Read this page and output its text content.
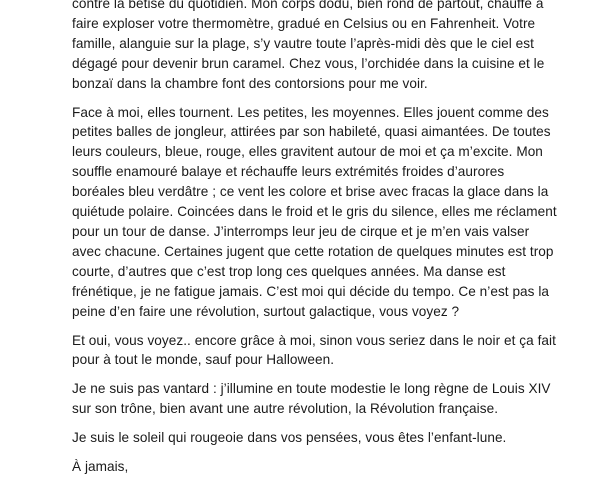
contre la bêtise du quotidien. Mon corps dodu, bien rond de partout, chauffe à
faire exploser votre thermomètre, gradué en Celsius ou en Fahrenheit. Votre
famille, alanguie sur la plage, s’y vautre toute l’après-midi dès que le ciel est
dégagé pour devenir brun caramel. Chez vous, l’orchidée dans la cuisine et le
bonzaï dans la chambre font des contorsions pour me voir.

Face à moi, elles tournent. Les petites, les moyennes. Elles jouent comme des
petites balles de jongleur, attirées par son habileté, quasi aimantées. De toutes
leurs couleurs, bleue, rouge, elles gravitent autour de moi et ça m’excite. Mon
souffle enamouré balaye et réchauffe leurs extrémités froides d’aurores
boréales bleu verdâtre ; ce vent les colore et brise avec fracas la glace dans la
quiétude polaire. Coincées dans le froid et le gris du silence, elles me réclament
pour un tour de danse. J’interromps leur jeu de cirque et je m’en vais valser
avec chacune. Certaines jugent que cette rotation de quelques minutes est trop
courte, d’autres que c’est trop long ces quelques années. Ma danse est
frénétique, je ne fatigue jamais. C’est moi qui décide du tempo. Ce n’est pas la
peine d’en faire une révolution, surtout galactique, vous voyez ?

Et oui, vous voyez.. encore grâce à moi, sinon vous seriez dans le noir et ça fait
pour à tout le monde, sauf pour Halloween.

Je ne suis pas vantard : j’illumine en toute modestie le long règne de Louis XIV
sur son trône, bien avant une autre révolution, la Révolution française.

Je suis le soleil qui rougeoie dans vos pensées, vous êtes l’enfant-lune.

À jamais,
